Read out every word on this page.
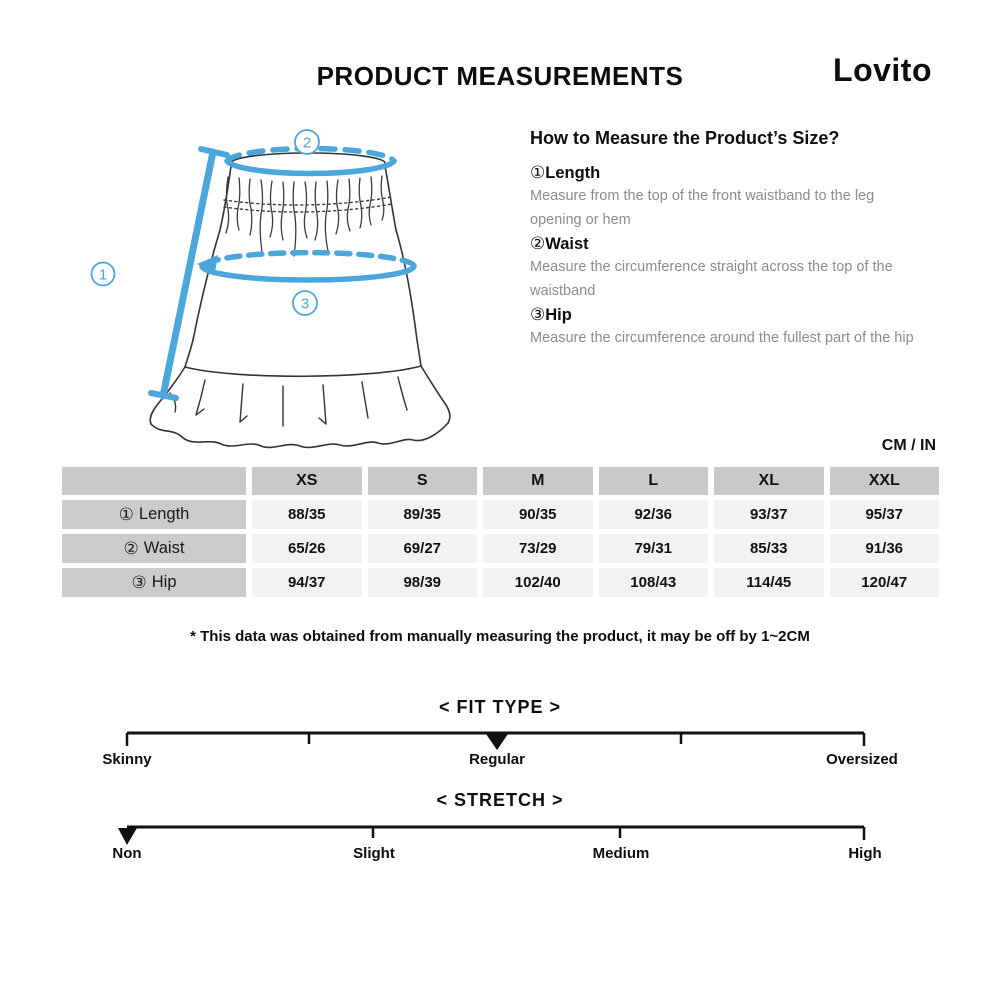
PRODUCT MEASUREMENTS	Lovito
1
2
3
How to Measure the Product’s Size?
①Length
Measure from the top of the front waistband to the leg opening or hem
②Waist
Measure the circumference straight across the top of the waistband
③Hip
Measure the circumference around the fullest part of the hip
CM / IN
XS	S	M	L	XL	XXL
① Length	88/35	89/35	90/35	92/36	93/37	95/37
② Waist	65/26	69/27	73/29	79/31	85/33	91/36
③ Hip	94/37	98/39	102/40	108/43	114/45	120/47
* This data was obtained from manually measuring the product, it may be off by 1~2CM
< FIT TYPE >
Skinny	Regular	Oversized
< STRETCH >
Non	Slight	Medium	High
